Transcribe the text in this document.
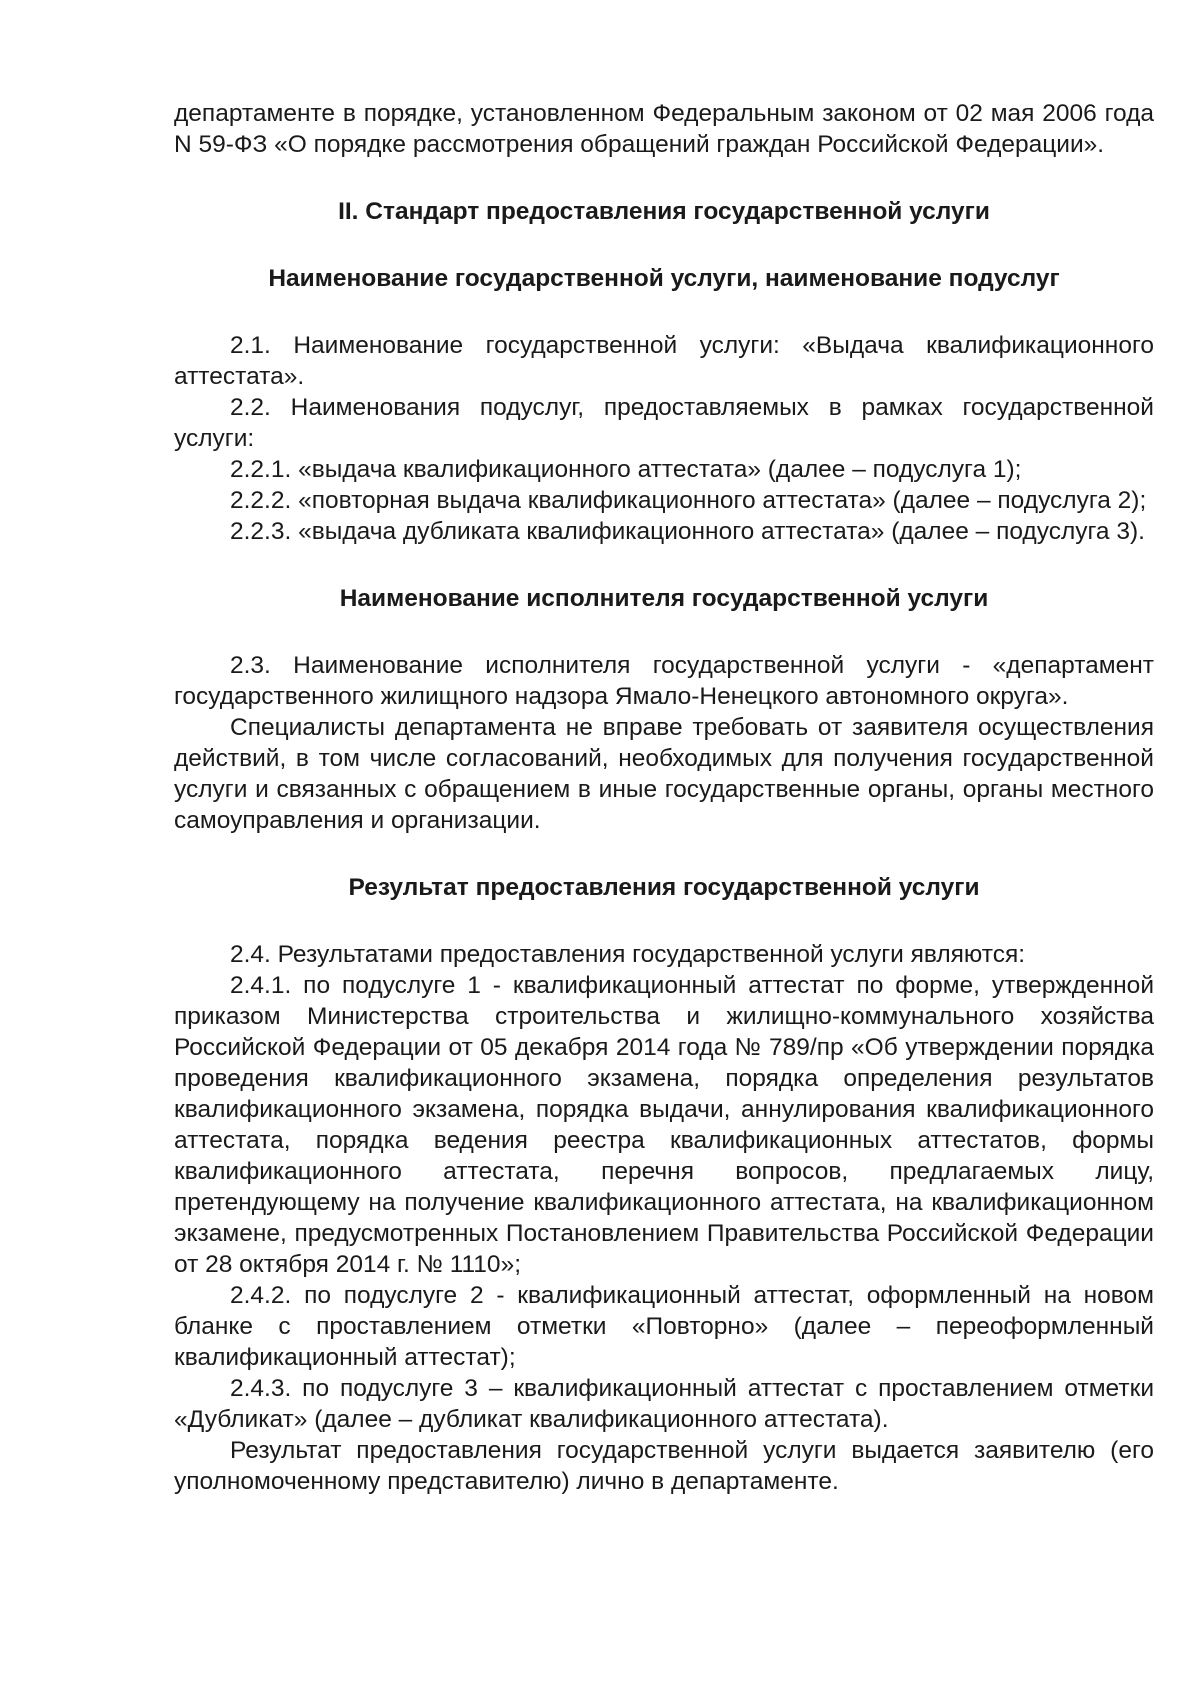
департаменте в порядке, установленном Федеральным законом от 02 мая 2006 года N 59-ФЗ «О порядке рассмотрения обращений граждан Российской Федерации».

II. Стандарт предоставления государственной услуги
Наименование государственной услуги, наименование подуслуг

2.1. Наименование государственной услуги: «Выдача квалификационного аттестата».

2.2. Наименования подуслуг, предоставляемых в рамках государственной услуги:

2.2.1. «выдача квалификационного аттестата» (далее – подуслуга 1);

2.2.2. «повторная выдача квалификационного аттестата» (далее – подуслуга 2);

2.2.3. «выдача дубликата квалификационного аттестата» (далее – подуслуга 3).

Наименование исполнителя государственной услуги

2.3. Наименование исполнителя государственной услуги - «департамент государственного жилищного надзора Ямало-Ненецкого автономного округа».

Специалисты департамента не вправе требовать от заявителя осуществления действий, в том числе согласований, необходимых для получения государственной услуги и связанных с обращением в иные государственные органы, органы местного самоуправления и организации.

Результат предоставления государственной услуги

2.4. Результатами предоставления государственной услуги являются:

2.4.1. по подуслуге 1 - квалификационный аттестат по форме, утвержденной приказом Министерства строительства и жилищно-коммунального хозяйства Российской Федерации от 05 декабря 2014 года № 789/пр «Об утверждении порядка проведения квалификационного экзамена, порядка определения результатов квалификационного экзамена, порядка выдачи, аннулирования квалификационного аттестата, порядка ведения реестра квалификационных аттестатов, формы квалификационного аттестата, перечня вопросов, предлагаемых лицу, претендующему на получение квалификационного аттестата, на квалификационном экзамене, предусмотренных Постановлением Правительства Российской Федерации от 28 октября 2014 г. № 1110»;

2.4.2. по подуслуге 2 - квалификационный аттестат, оформленный на новом бланке с проставлением отметки «Повторно» (далее – переоформленный квалификационный аттестат);

2.4.3. по подуслуге 3 – квалификационный аттестат с проставлением отметки «Дубликат» (далее – дубликат квалификационного аттестата).

Результат предоставления государственной услуги выдается заявителю (его уполномоченному представителю) лично в департаменте.
